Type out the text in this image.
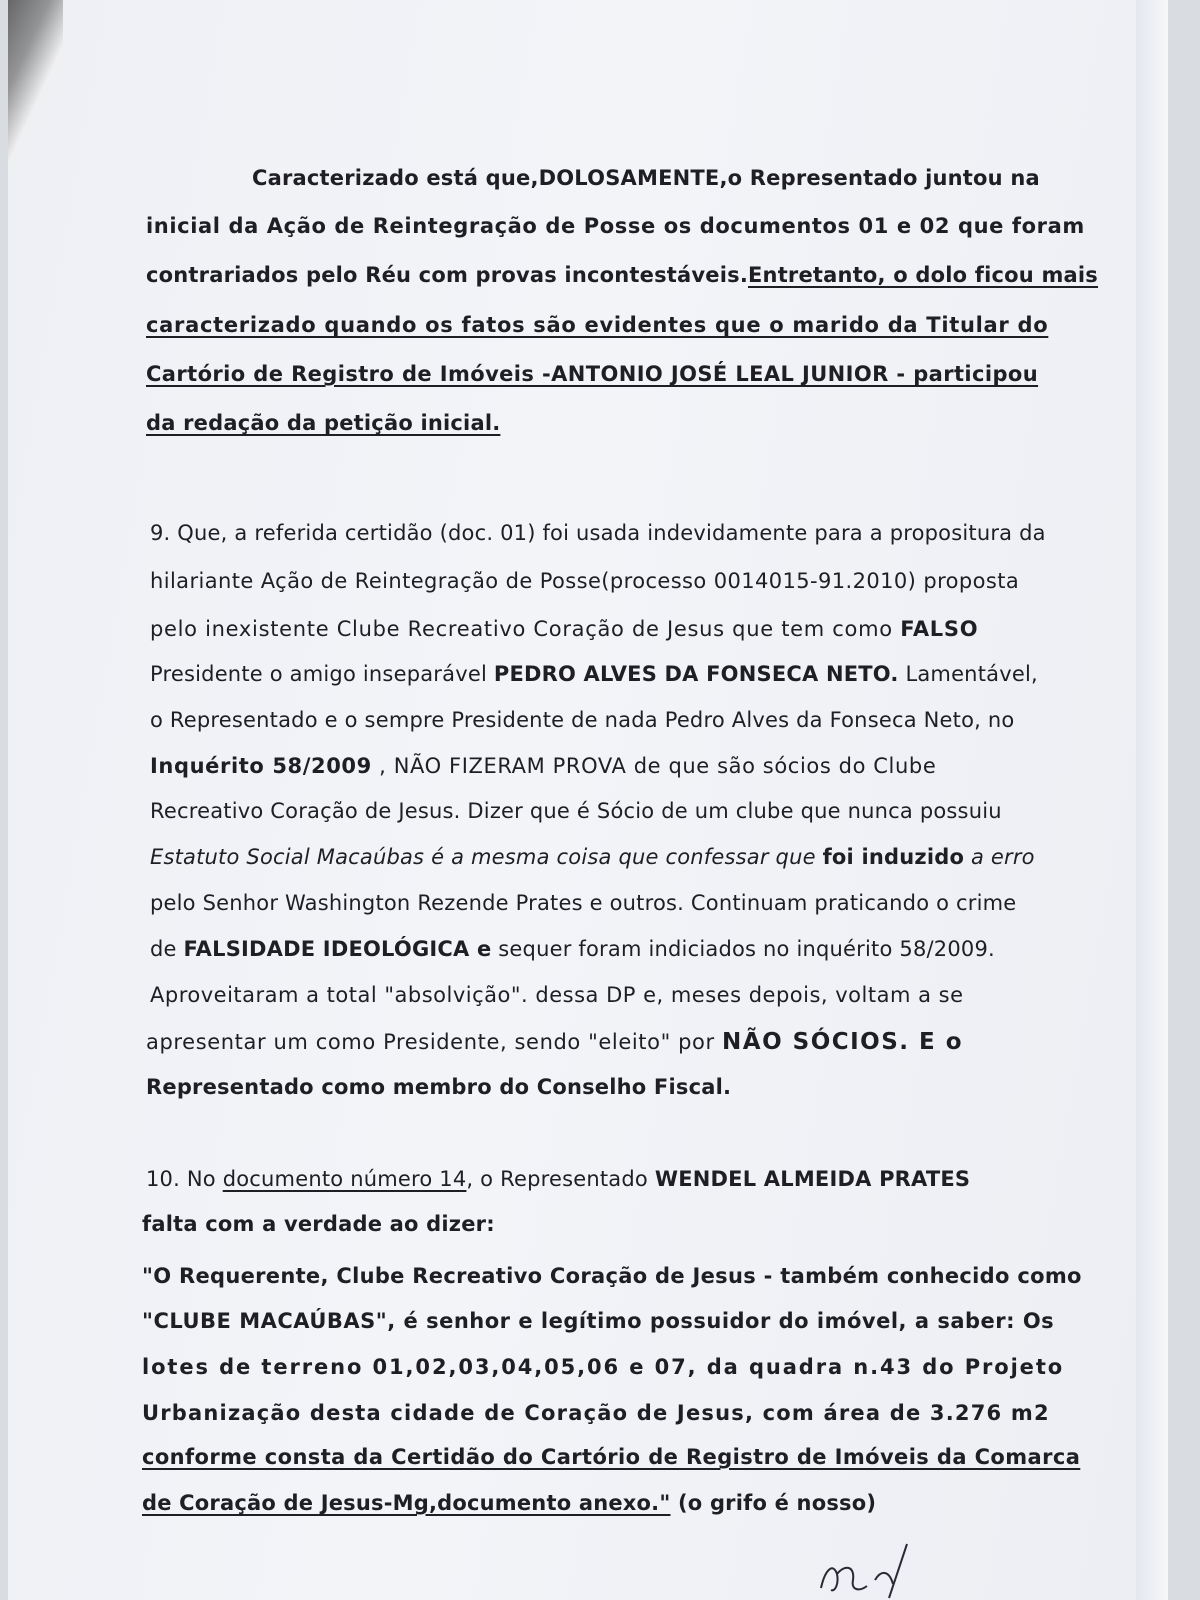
Caracterizado está que,DOLOSAMENTE,o Representado juntou na
inicial da Ação de Reintegração de Posse os documentos 01 e 02 que foram
contrariados pelo Réu com provas incontestáveis.Entretanto, o dolo ficou mais
caracterizado quando os fatos são evidentes que o marido da Titular do
Cartório de Registro de Imóveis -ANTONIO JOSÉ LEAL JUNIOR - participou
da redação da petição inicial.
9. Que, a referida certidão (doc. 01) foi usada indevidamente para a propositura da
hilariante Ação de Reintegração de Posse(processo 0014015-91.2010) proposta
pelo inexistente Clube Recreativo Coração de Jesus que tem como FALSO
Presidente o amigo inseparável PEDRO ALVES DA FONSECA NETO. Lamentável,
o Representado e o sempre Presidente de nada Pedro Alves da Fonseca Neto, no
Inquérito 58/2009 , NÃO FIZERAM PROVA de que são sócios do Clube
Recreativo Coração de Jesus. Dizer que é Sócio de um clube que nunca possuiu
Estatuto Social Macaúbas é a mesma coisa que confessar que foi induzido a erro
pelo Senhor Washington Rezende Prates e outros. Continuam praticando o crime
de FALSIDADE IDEOLÓGICA e sequer foram indiciados no inquérito 58/2009.
Aproveitaram a total "absolvição". dessa DP e, meses depois, voltam a se
apresentar um como Presidente, sendo "eleito" por NÃO SÓCIOS. E o
Representado como membro do Conselho Fiscal.
10. No documento número 14, o Representado WENDEL ALMEIDA PRATES
falta com a verdade ao dizer:
"O Requerente, Clube Recreativo Coração de Jesus - também conhecido como
"CLUBE MACAÚBAS", é senhor e legítimo possuidor do imóvel, a saber: Os
lotes de terreno 01,02,03,04,05,06 e 07, da quadra n.43 do Projeto
Urbanização desta cidade de Coração de Jesus, com área de 3.276 m2
conforme consta da Certidão do Cartório de Registro de Imóveis da Comarca
de Coração de Jesus-Mg,documento anexo." (o grifo é nosso)
